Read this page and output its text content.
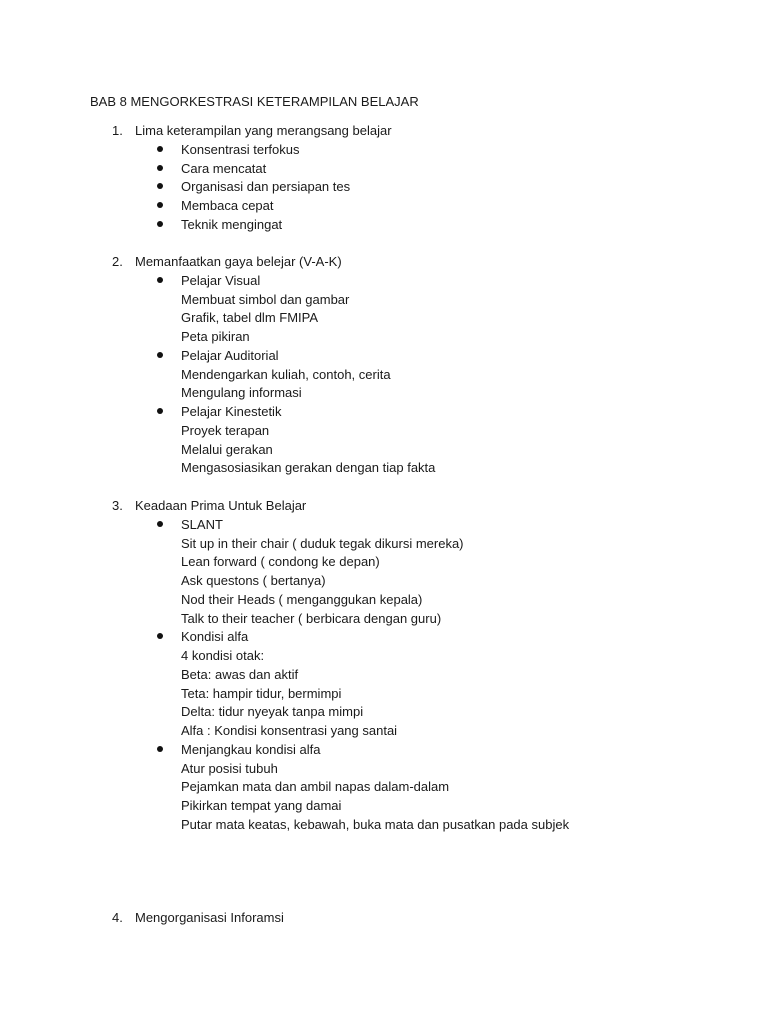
BAB 8 MENGORKESTRASI KETERAMPILAN BELAJAR
1. Lima keterampilan yang merangsang belajar
Konsentrasi terfokus
Cara mencatat
Organisasi dan persiapan tes
Membaca cepat
Teknik mengingat
2. Memanfaatkan gaya belejar (V-A-K)
Pelajar Visual
Membuat simbol dan gambar
Grafik, tabel dlm FMIPA
Peta pikiran
Pelajar Auditorial
Mendengarkan kuliah, contoh, cerita
Mengulang informasi
Pelajar Kinestetik
Proyek terapan
Melalui gerakan
Mengasosiasikan gerakan dengan tiap fakta
3. Keadaan Prima Untuk Belajar
SLANT
Sit up in their chair ( duduk tegak dikursi mereka)
Lean forward ( condong ke depan)
Ask questons ( bertanya)
Nod their Heads ( menganggukan kepala)
Talk to their teacher ( berbicara dengan guru)
Kondisi alfa
4 kondisi otak:
Beta: awas dan aktif
Teta: hampir tidur, bermimpi
Delta: tidur nyeyak tanpa mimpi
Alfa : Kondisi konsentrasi yang santai
Menjangkau kondisi alfa
Atur posisi tubuh
Pejamkan mata dan ambil napas dalam-dalam
Pikirkan tempat yang damai
Putar mata keatas, kebawah, buka mata dan pusatkan pada subjek
4. Mengorganisasi Inforamsi
